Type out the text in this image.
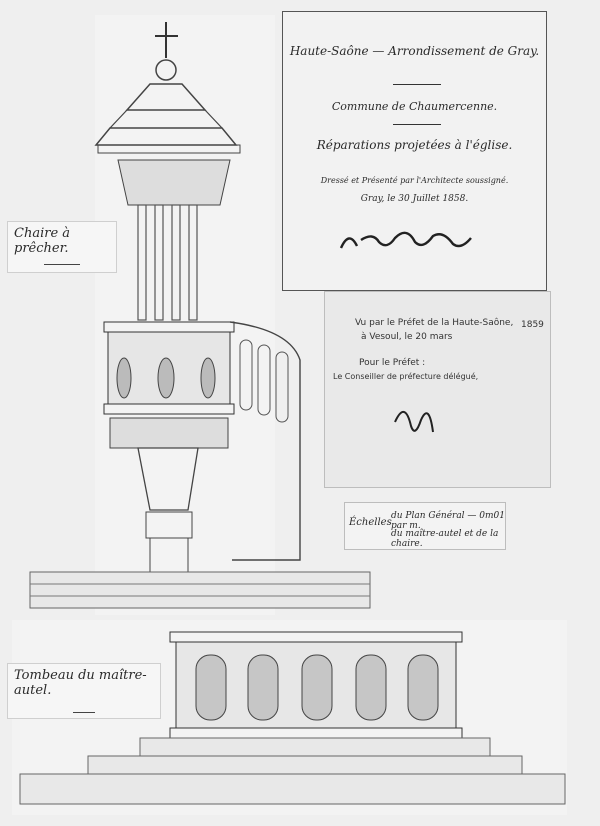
Chaire à prêcher.
Tombeau du maître-autel.
Haute-Saône — Arrondissement de Gray.
Commune de Chaumercenne.
Réparations projetées à l'église.
Dressé et Présenté par l'Architecte soussigné.
Gray, le 30 Juillet 1858.
Vu par le Préfet de la Haute-Saône,
à Vesoul, le 20 mars
1859
Pour le Préfet :
Le Conseiller de préfecture délégué,
Échelles
du Plan Général — 0m01 par m.
du maître-autel et de la chaire.
